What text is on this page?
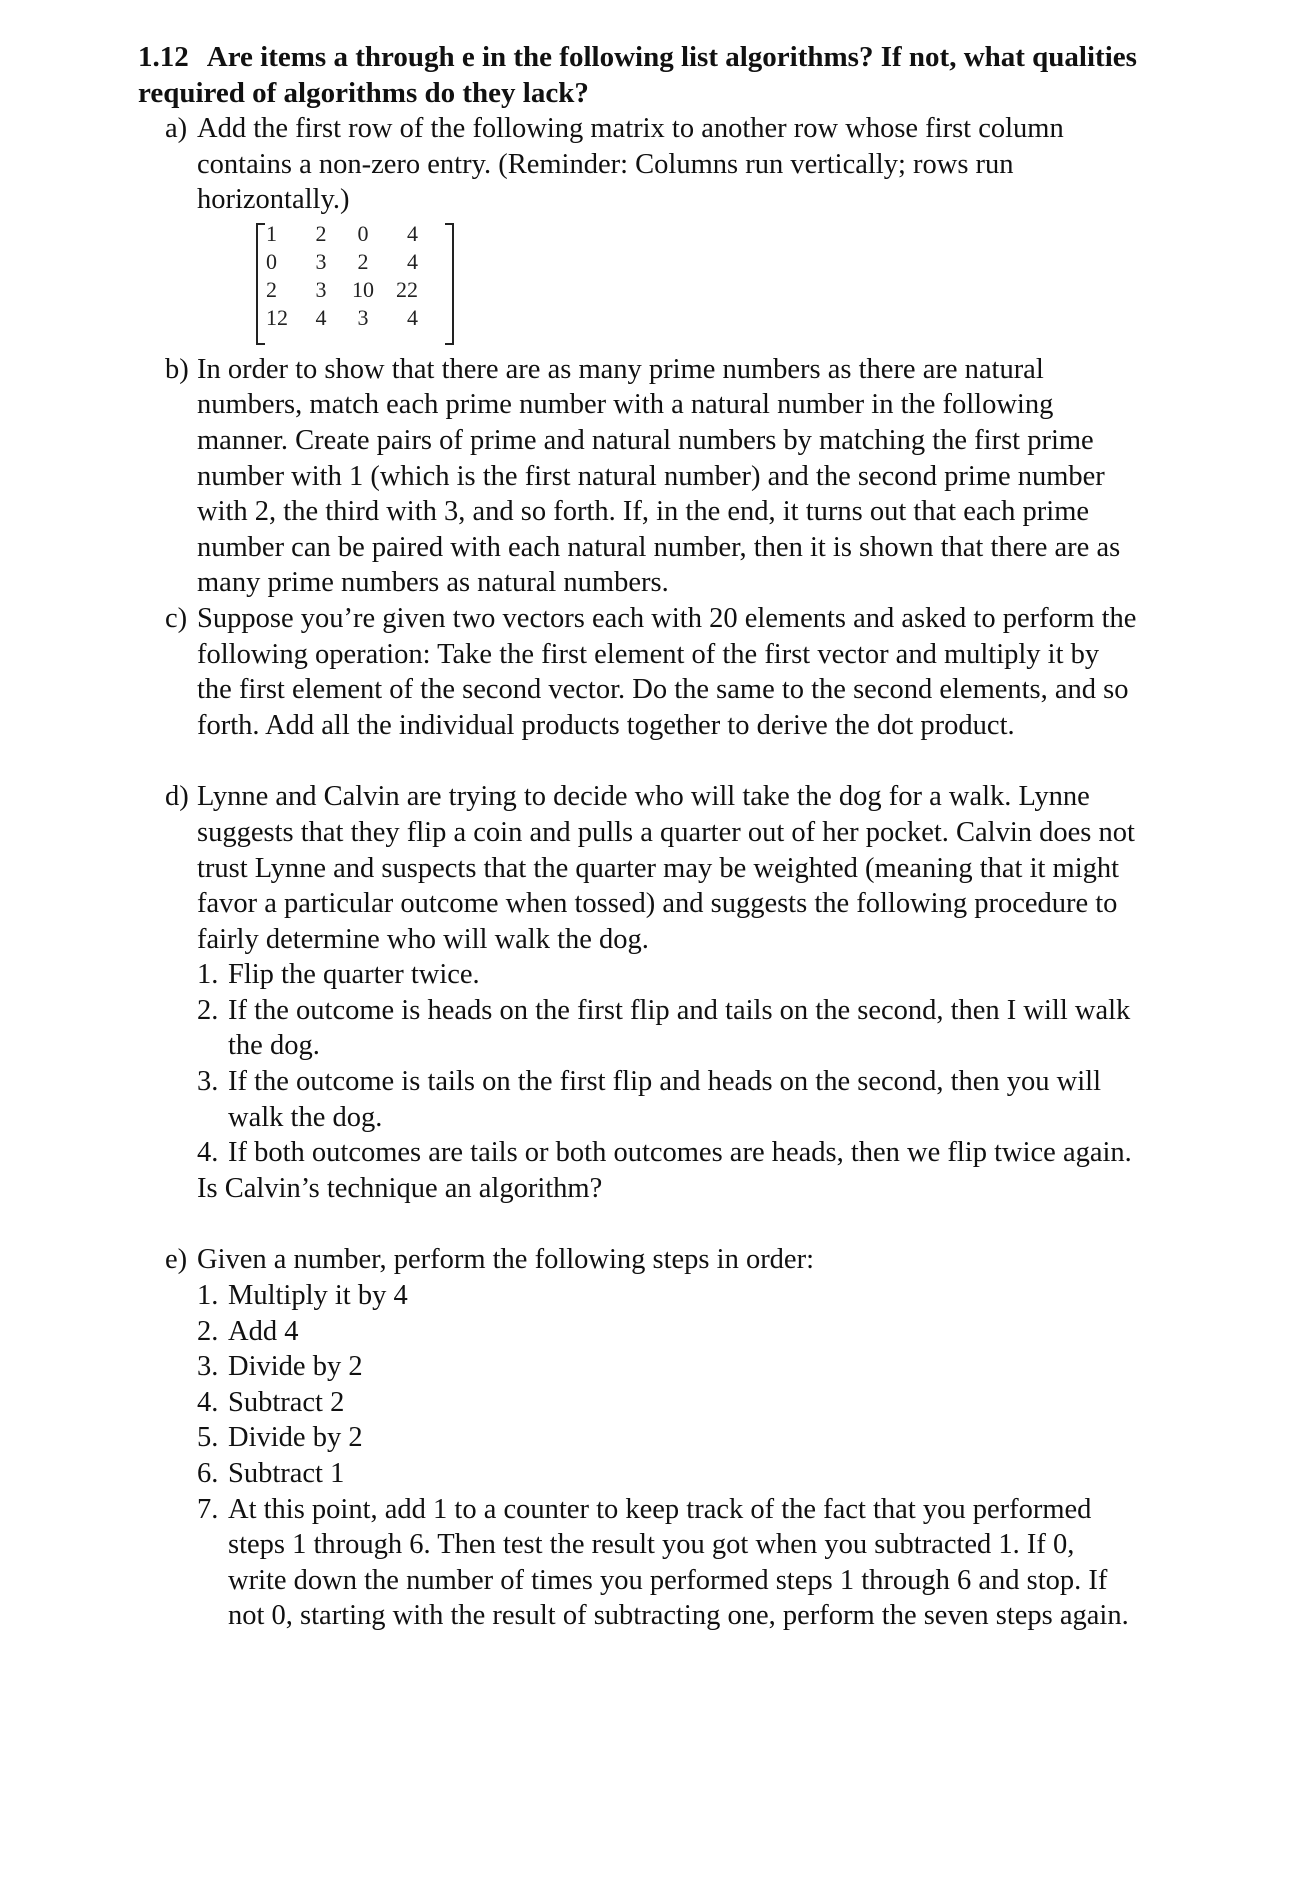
1.12 Are items a through e in the following list algorithms? If not, what qualities required of algorithms do they lack?

a) Add the first row of the following matrix to another row whose first column contains a non-zero entry. (Reminder: Columns run vertically; rows run horizontally.)
1	2	0	4
0	3	2	4
2	3	10	22
12	4	3	4
b) In order to show that there are as many prime numbers as there are natural numbers, match each prime number with a natural number in the following manner. Create pairs of prime and natural numbers by matching the first prime number with 1 (which is the first natural number) and the second prime number with 2, the third with 3, and so forth. If, in the end, it turns out that each prime number can be paired with each natural number, then it is shown that there are as many prime numbers as natural numbers.
c) Suppose you’re given two vectors each with 20 elements and asked to perform the following operation: Take the first element of the first vector and multiply it by the first element of the second vector. Do the same to the second elements, and so forth. Add all the individual products together to derive the dot product.
d) Lynne and Calvin are trying to decide who will take the dog for a walk. Lynne suggests that they flip a coin and pulls a quarter out of her pocket. Calvin does not trust Lynne and suspects that the quarter may be weighted (meaning that it might favor a particular outcome when tossed) and suggests the following procedure to fairly determine who will walk the dog.
1. Flip the quarter twice.
2. If the outcome is heads on the first flip and tails on the second, then I will walk the dog.
3. If the outcome is tails on the first flip and heads on the second, then you will walk the dog.
4. If both outcomes are tails or both outcomes are heads, then we flip twice again.
Is Calvin’s technique an algorithm?
e) Given a number, perform the following steps in order:
1. Multiply it by 4
2. Add 4
3. Divide by 2
4. Subtract 2
5. Divide by 2
6. Subtract 1
7. At this point, add 1 to a counter to keep track of the fact that you performed steps 1 through 6. Then test the result you got when you subtracted 1. If 0, write down the number of times you performed steps 1 through 6 and stop. If not 0, starting with the result of subtracting one, perform the seven steps again.
